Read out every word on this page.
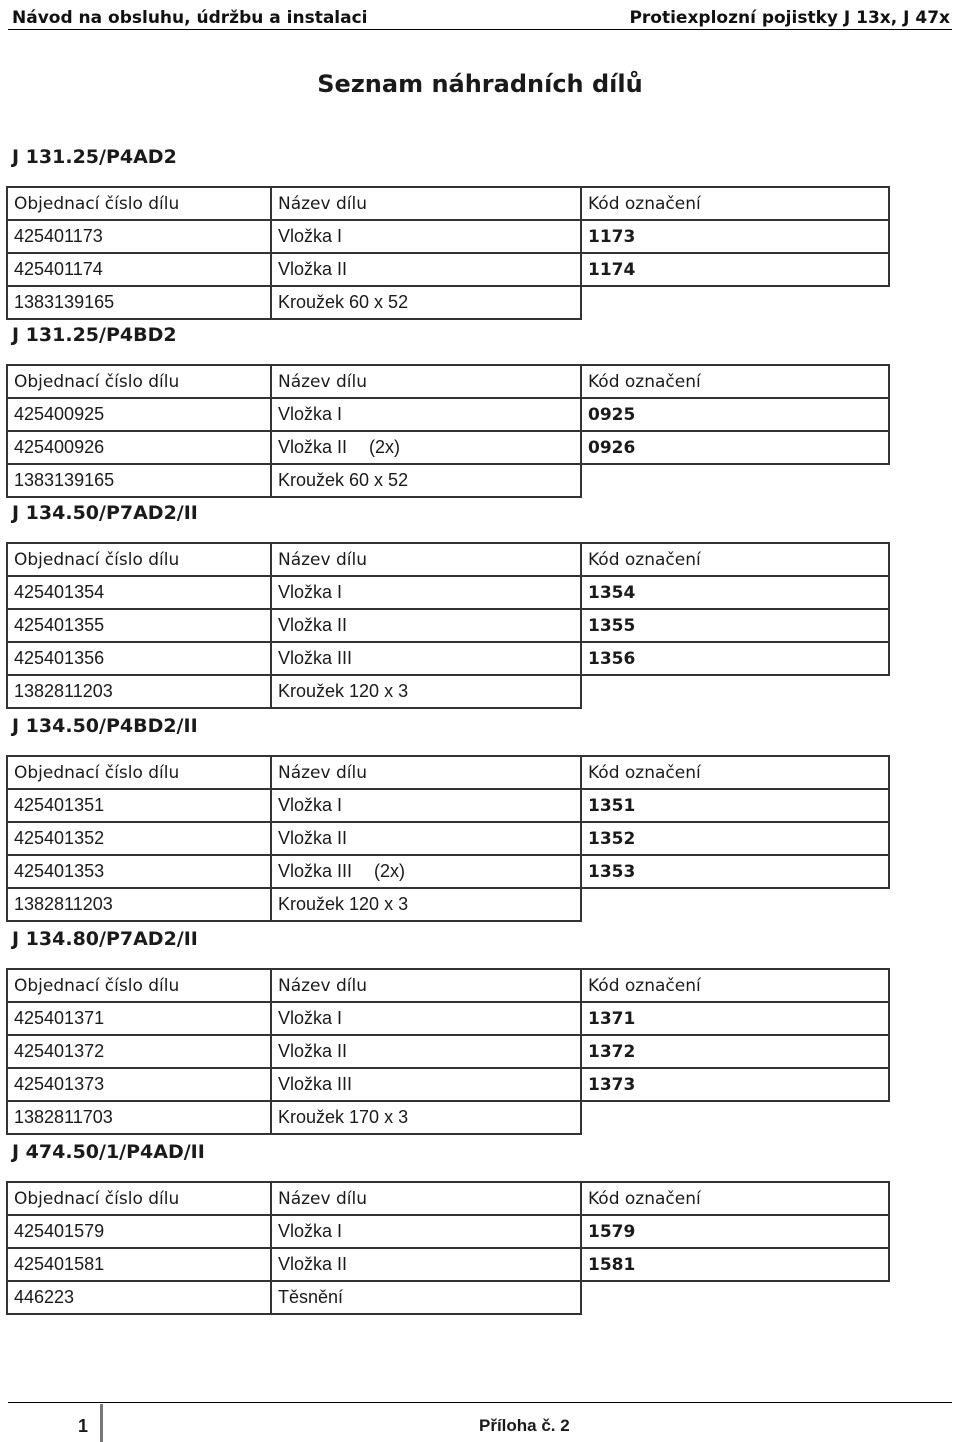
Návod na obsluhu, údržbu a instalaci	Protiexplozní pojistky J 13x, J 47x
Seznam náhradních dílů
J 131.25/P4AD2
Objednací číslo dílu	Název dílu	Kód označení
425401173	Vložka I	1173
425401174	Vložka II	1174
1383139165	Kroužek 60 x 52	
J 131.25/P4BD2
Objednací číslo dílu	Název dílu	Kód označení
425400925	Vložka I	0925
425400926	Vložka II (2x)	0926
1383139165	Kroužek 60 x 52	
J 134.50/P7AD2/II
Objednací číslo dílu	Název dílu	Kód označení
425401354	Vložka I	1354
425401355	Vložka II	1355
425401356	Vložka III	1356
1382811203	Kroužek 120 x 3	
J 134.50/P4BD2/II
Objednací číslo dílu	Název dílu	Kód označení
425401351	Vložka I	1351
425401352	Vložka II	1352
425401353	Vložka III (2x)	1353
1382811203	Kroužek 120 x 3	
J 134.80/P7AD2/II
Objednací číslo dílu	Název dílu	Kód označení
425401371	Vložka I	1371
425401372	Vložka II	1372
425401373	Vložka III	1373
1382811703	Kroužek 170 x 3	
J 474.50/1/P4AD/II
Objednací číslo dílu	Název dílu	Kód označení
425401579	Vložka I	1579
425401581	Vložka II	1581
446223	Těsnění	
1	Příloha č. 2
